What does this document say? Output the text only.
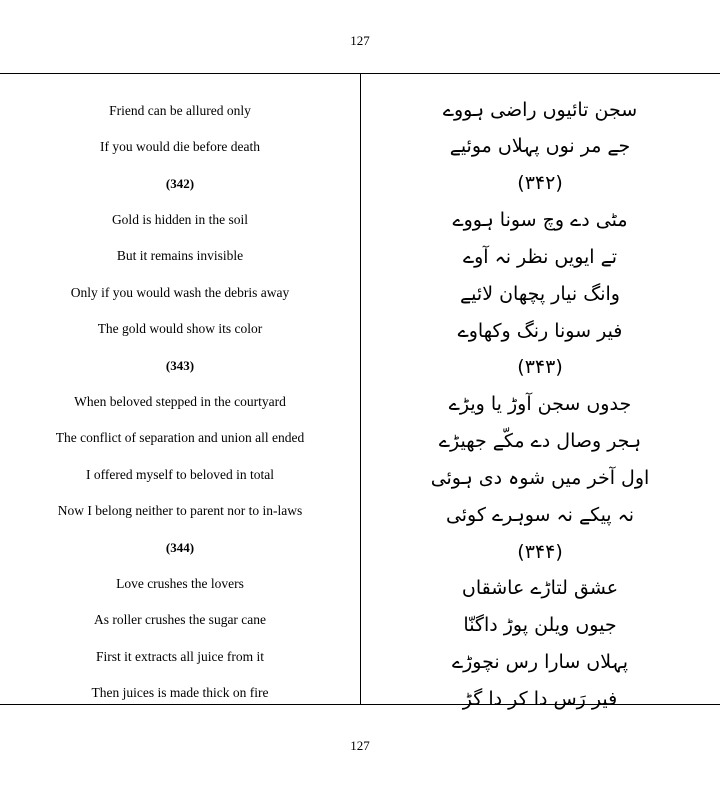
127
Friend can be allured only
If you would die before death
(342)
Gold is hidden in the soil
But it remains invisible
Only if you would wash the debris away
The gold would show its color
(343)
When beloved stepped in the courtyard
The conflict of separation and union all ended
I offered myself to beloved in total
Now I belong neither to parent nor to in-laws
(344)
Love crushes the lovers
As roller crushes the sugar cane
First it extracts all juice from it
Then juices is made thick on fire
سجن تائیوں راضی ہووے
جے مر نوں پہلاں موئیے
(۳۴۲)
مٹی دے وچ سونا ہووے
تے ایویں نظر نہ آوے
وانگ نیار پچھان لائیے
فیر سونا رنگ وکھاوے
(۳۴۳)
جدوں سجن آوڑ یا ویڑے
ہجر وصال دے مکّے جھیڑے
اول آخر میں شوہ دی ہوئی
نہ پیکے نہ سوہرے کوئی
(۳۴۴)
عشق لتاڑے عاشقاں
جیوں ویلن پوڑ داگنّا
پہلاں سارا رس نچوڑے
فیر رَس دا کر دا گڑ
127
